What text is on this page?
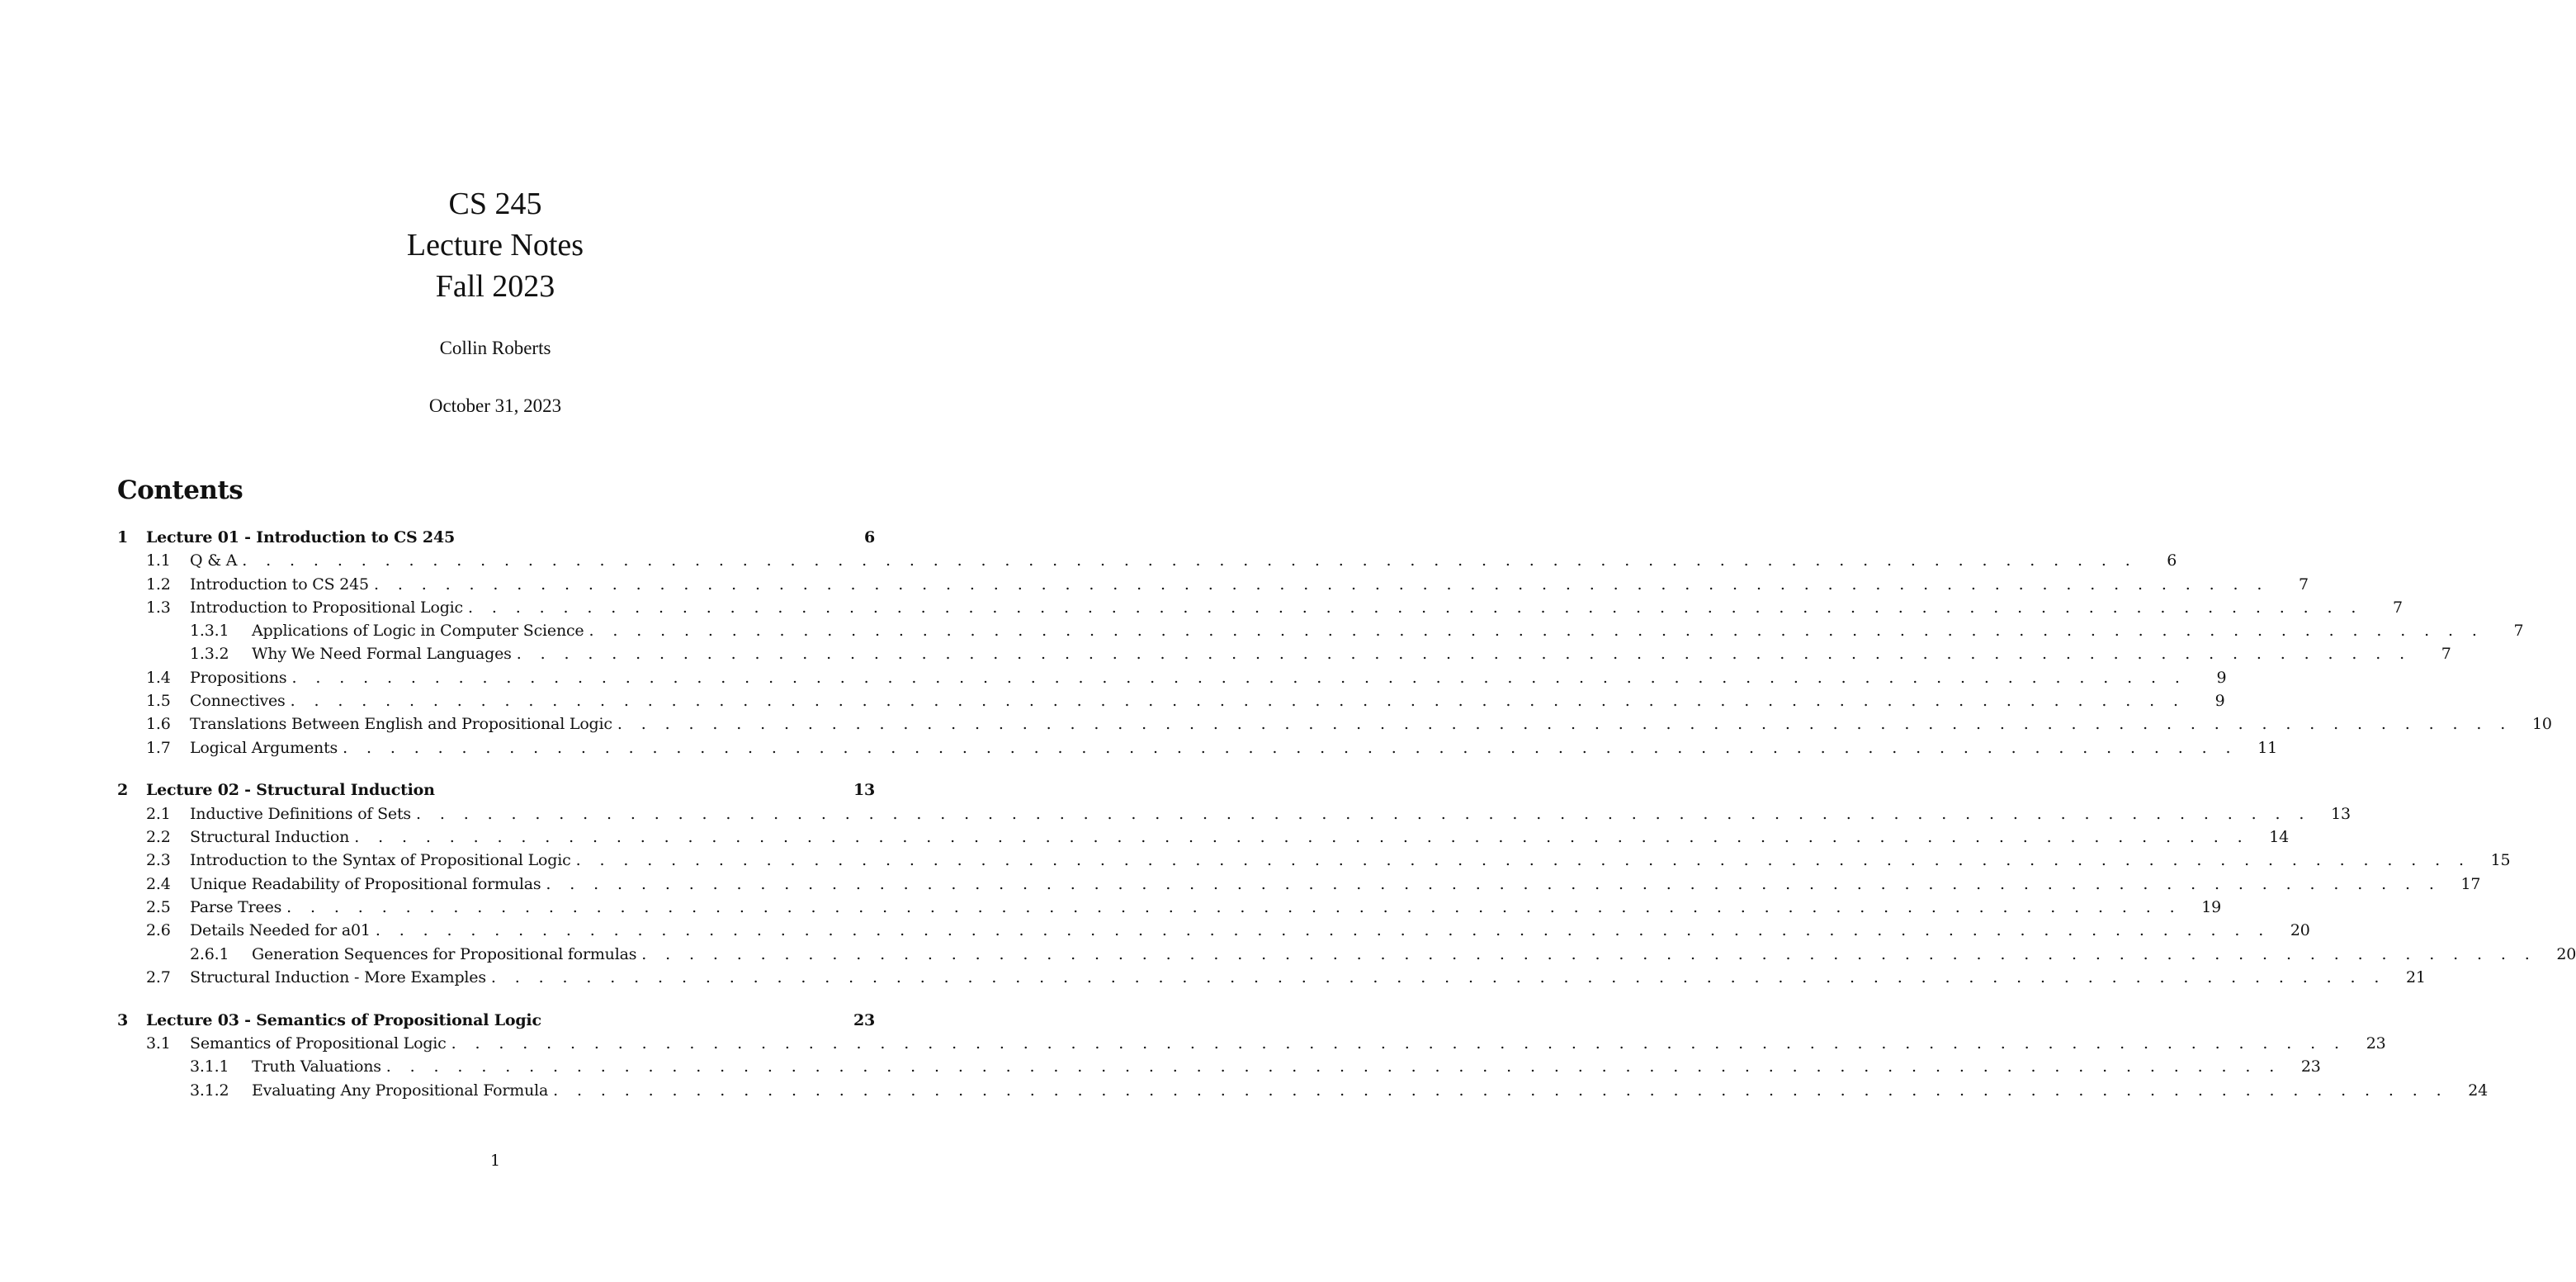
CS 245
Lecture Notes
Fall 2023
Collin Roberts
October 31, 2023
Contents
1	Lecture 01 - Introduction to CS 245	6
1.1	Q & A . . . . . . . . . . . . . . . . . . . . . . . . . . . . . . . . . . . . . . . . . . . . . . . . . . . . . . . . . . . . . . . . . . . . . . . . . . . . . . . .	6
1.2	Introduction to CS 245 . . . . . . . . . . . . . . . . . . . . . . . . . . . . . . . . . . . . . . . . . . . . . . . . . . . . . . . . . . . . . . . . . . . . . . . . . . . . . . . .	7
1.3	Introduction to Propositional Logic . . . . . . . . . . . . . . . . . . . . . . . . . . . . . . . . . . . . . . . . . . . . . . . . . . . . . . . . . . . . . . . . . . . . . . . . . . . . . . . .	7
1.3.1	Applications of Logic in Computer Science . . . . . . . . . . . . . . . . . . . . . . . . . . . . . . . . . . . . . . . . . . . . . . . . . . . . . . . . . . . . . . . . . . . . . . . . . . . . . . . .	7
1.3.2	Why We Need Formal Languages . . . . . . . . . . . . . . . . . . . . . . . . . . . . . . . . . . . . . . . . . . . . . . . . . . . . . . . . . . . . . . . . . . . . . . . . . . . . . . . .	7
1.4	Propositions . . . . . . . . . . . . . . . . . . . . . . . . . . . . . . . . . . . . . . . . . . . . . . . . . . . . . . . . . . . . . . . . . . . . . . . . . . . . . . . .	9
1.5	Connectives . . . . . . . . . . . . . . . . . . . . . . . . . . . . . . . . . . . . . . . . . . . . . . . . . . . . . . . . . . . . . . . . . . . . . . . . . . . . . . . .	9
1.6	Translations Between English and Propositional Logic . . . . . . . . . . . . . . . . . . . . . . . . . . . . . . . . . . . . . . . . . . . . . . . . . . . . . . . . . . . . . . . . . . . . . . . . . . . . . . . .	10
1.7	Logical Arguments . . . . . . . . . . . . . . . . . . . . . . . . . . . . . . . . . . . . . . . . . . . . . . . . . . . . . . . . . . . . . . . . . . . . . . . . . . . . . . . .	11
2	Lecture 02 - Structural Induction	13
2.1	Inductive Definitions of Sets . . . . . . . . . . . . . . . . . . . . . . . . . . . . . . . . . . . . . . . . . . . . . . . . . . . . . . . . . . . . . . . . . . . . . . . . . . . . . . . .	13
2.2	Structural Induction . . . . . . . . . . . . . . . . . . . . . . . . . . . . . . . . . . . . . . . . . . . . . . . . . . . . . . . . . . . . . . . . . . . . . . . . . . . . . . . .	14
2.3	Introduction to the Syntax of Propositional Logic . . . . . . . . . . . . . . . . . . . . . . . . . . . . . . . . . . . . . . . . . . . . . . . . . . . . . . . . . . . . . . . . . . . . . . . . . . . . . . . .	15
2.4	Unique Readability of Propositional formulas . . . . . . . . . . . . . . . . . . . . . . . . . . . . . . . . . . . . . . . . . . . . . . . . . . . . . . . . . . . . . . . . . . . . . . . . . . . . . . . .	17
2.5	Parse Trees . . . . . . . . . . . . . . . . . . . . . . . . . . . . . . . . . . . . . . . . . . . . . . . . . . . . . . . . . . . . . . . . . . . . . . . . . . . . . . . .	19
2.6	Details Needed for a01 . . . . . . . . . . . . . . . . . . . . . . . . . . . . . . . . . . . . . . . . . . . . . . . . . . . . . . . . . . . . . . . . . . . . . . . . . . . . . . . .	20
2.6.1	Generation Sequences for Propositional formulas . . . . . . . . . . . . . . . . . . . . . . . . . . . . . . . . . . . . . . . . . . . . . . . . . . . . . . . . . . . . . . . . . . . . . . . . . . . . . . . .	20
2.7	Structural Induction - More Examples . . . . . . . . . . . . . . . . . . . . . . . . . . . . . . . . . . . . . . . . . . . . . . . . . . . . . . . . . . . . . . . . . . . . . . . . . . . . . . . .	21
3	Lecture 03 - Semantics of Propositional Logic	23
3.1	Semantics of Propositional Logic . . . . . . . . . . . . . . . . . . . . . . . . . . . . . . . . . . . . . . . . . . . . . . . . . . . . . . . . . . . . . . . . . . . . . . . . . . . . . . . .	23
3.1.1	Truth Valuations . . . . . . . . . . . . . . . . . . . . . . . . . . . . . . . . . . . . . . . . . . . . . . . . . . . . . . . . . . . . . . . . . . . . . . . . . . . . . . . .	23
3.1.2	Evaluating Any Propositional Formula . . . . . . . . . . . . . . . . . . . . . . . . . . . . . . . . . . . . . . . . . . . . . . . . . . . . . . . . . . . . . . . . . . . . . . . . . . . . . . . .	24
1
